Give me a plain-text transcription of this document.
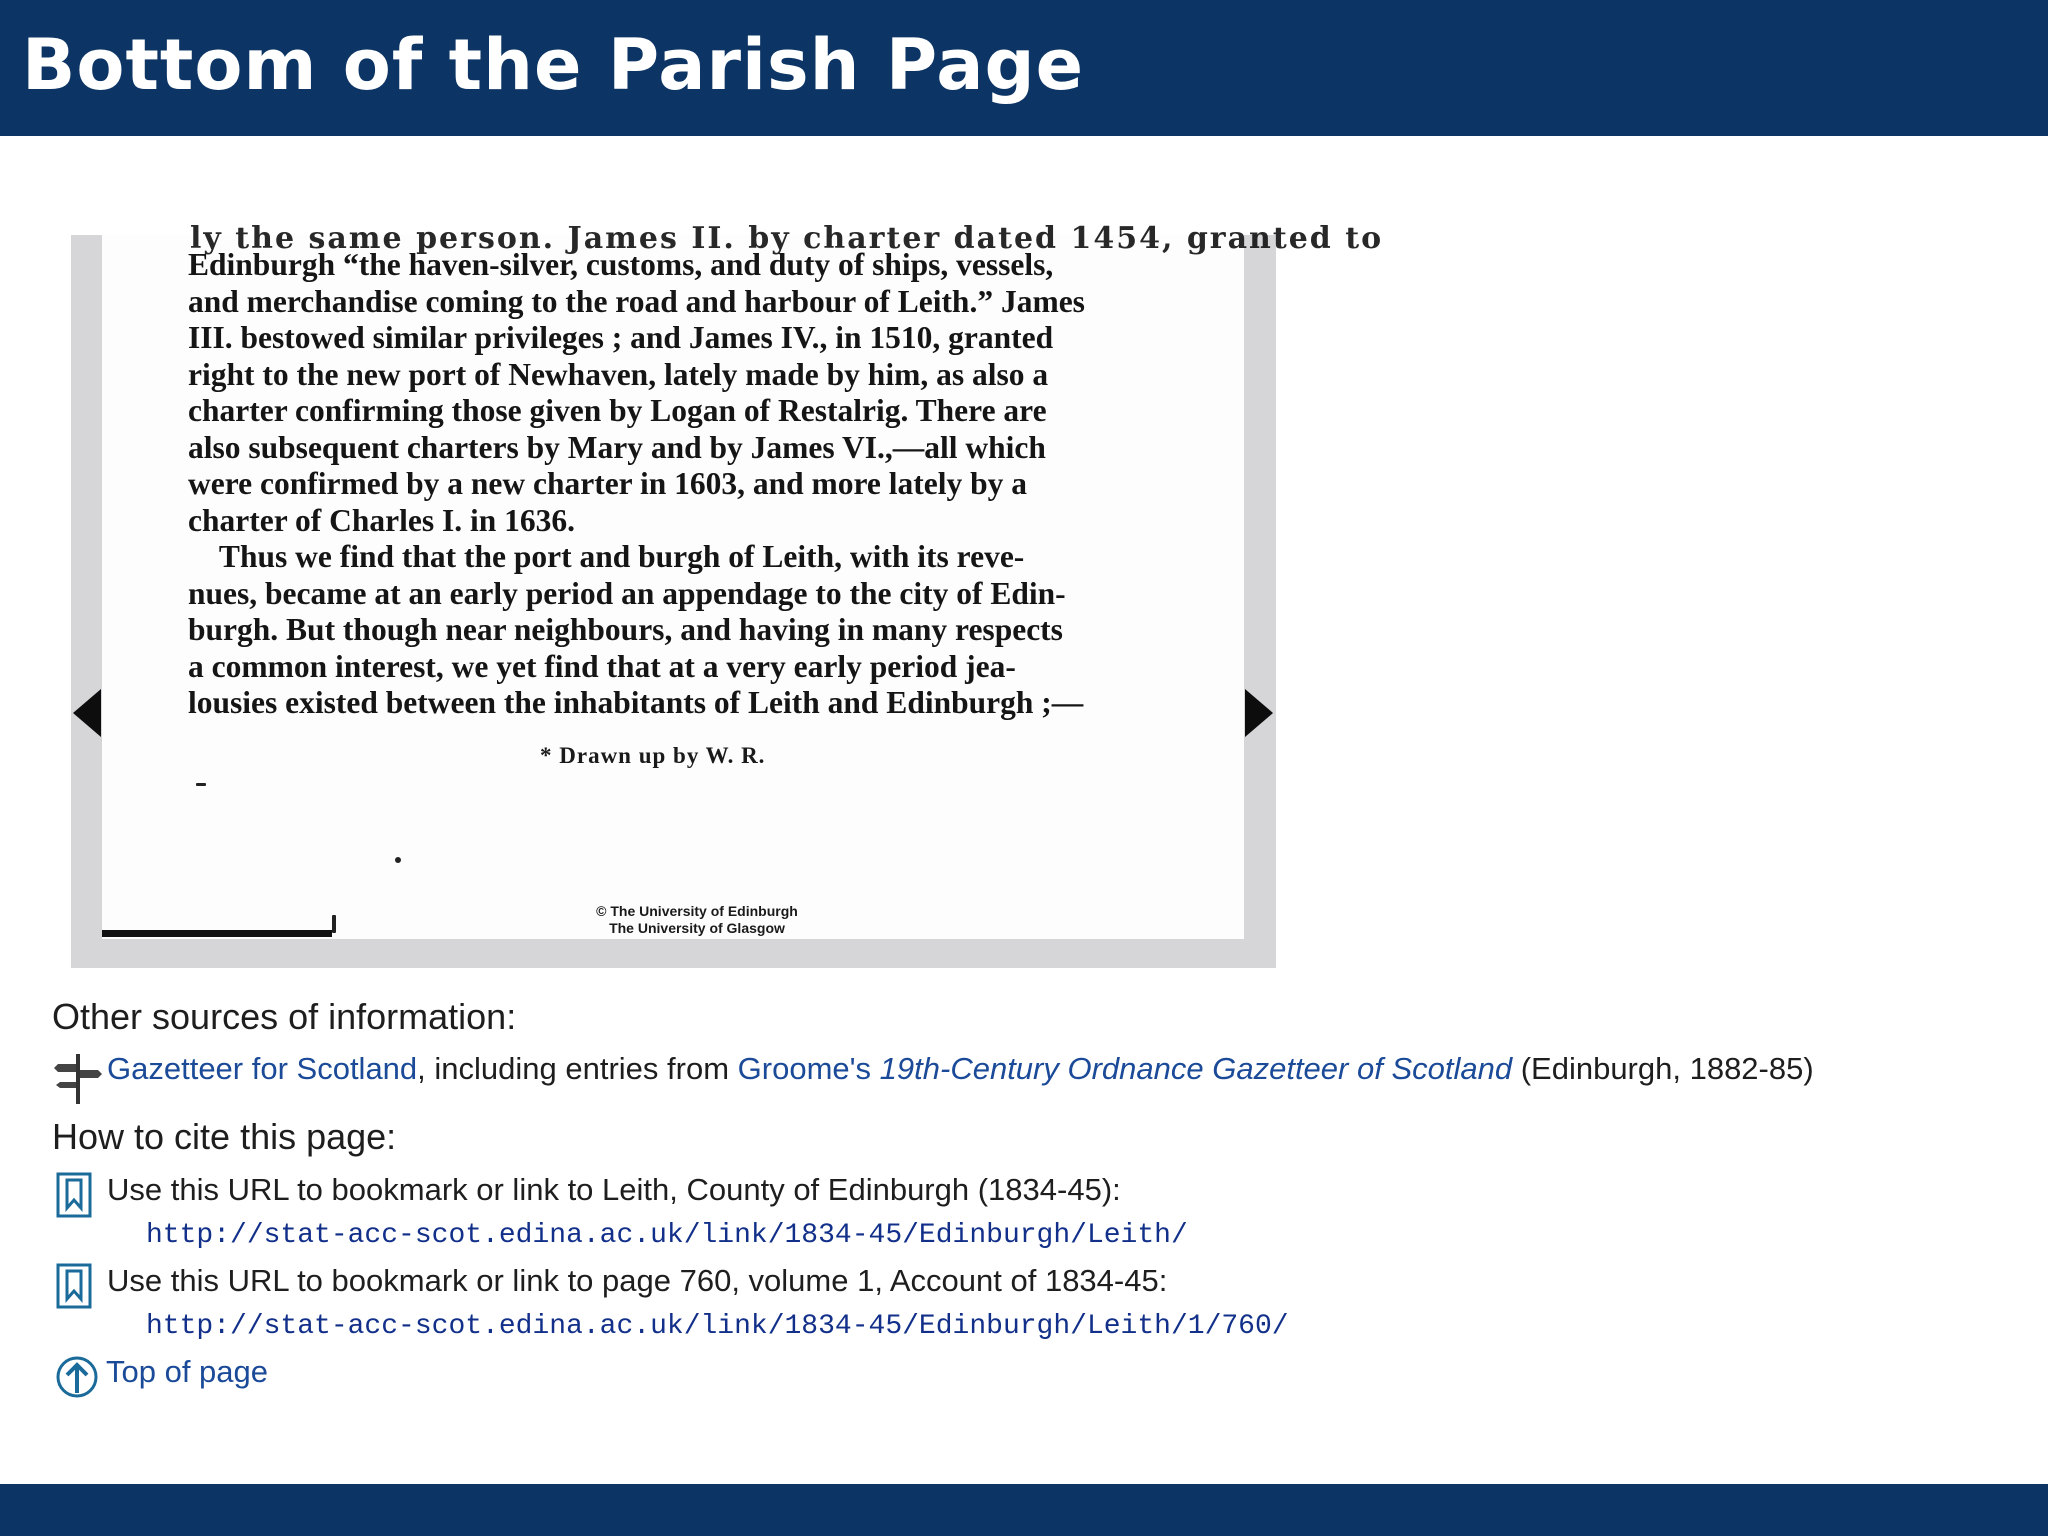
Bottom of the Parish Page
ly the same person. James II. by charter dated 1454, granted to
Edinburgh “the haven-silver, customs, and duty of ships, vessels,
and merchandise coming to the road and harbour of Leith.” James
III. bestowed similar privileges ; and James IV., in 1510, granted
right to the new port of Newhaven, lately made by him, as also a
charter confirming those given by Logan of Restalrig. There are
also subsequent charters by Mary and by James VI.,—all which
were confirmed by a new charter in 1603, and more lately by a
charter of Charles I. in 1636.
Thus we find that the port and burgh of Leith, with its reve-
nues, became at an early period an appendage to the city of Edin-
burgh. But though near neighbours, and having in many respects
a common interest, we yet find that at a very early period jea-
lousies existed between the inhabitants of Leith and Edinburgh ;—
* Drawn up by W. R.
© The University of Edinburgh
The University of Glasgow
Other sources of information:
Gazetteer for Scotland, including entries from Groome's 19th-Century Ordnance Gazetteer of Scotland (Edinburgh, 1882-85)
How to cite this page:
Use this URL to bookmark or link to Leith, County of Edinburgh (1834-45):
http://stat-acc-scot.edina.ac.uk/link/1834-45/Edinburgh/Leith/
Use this URL to bookmark or link to page 760, volume 1, Account of 1834-45:
http://stat-acc-scot.edina.ac.uk/link/1834-45/Edinburgh/Leith/1/760/
Top of page
